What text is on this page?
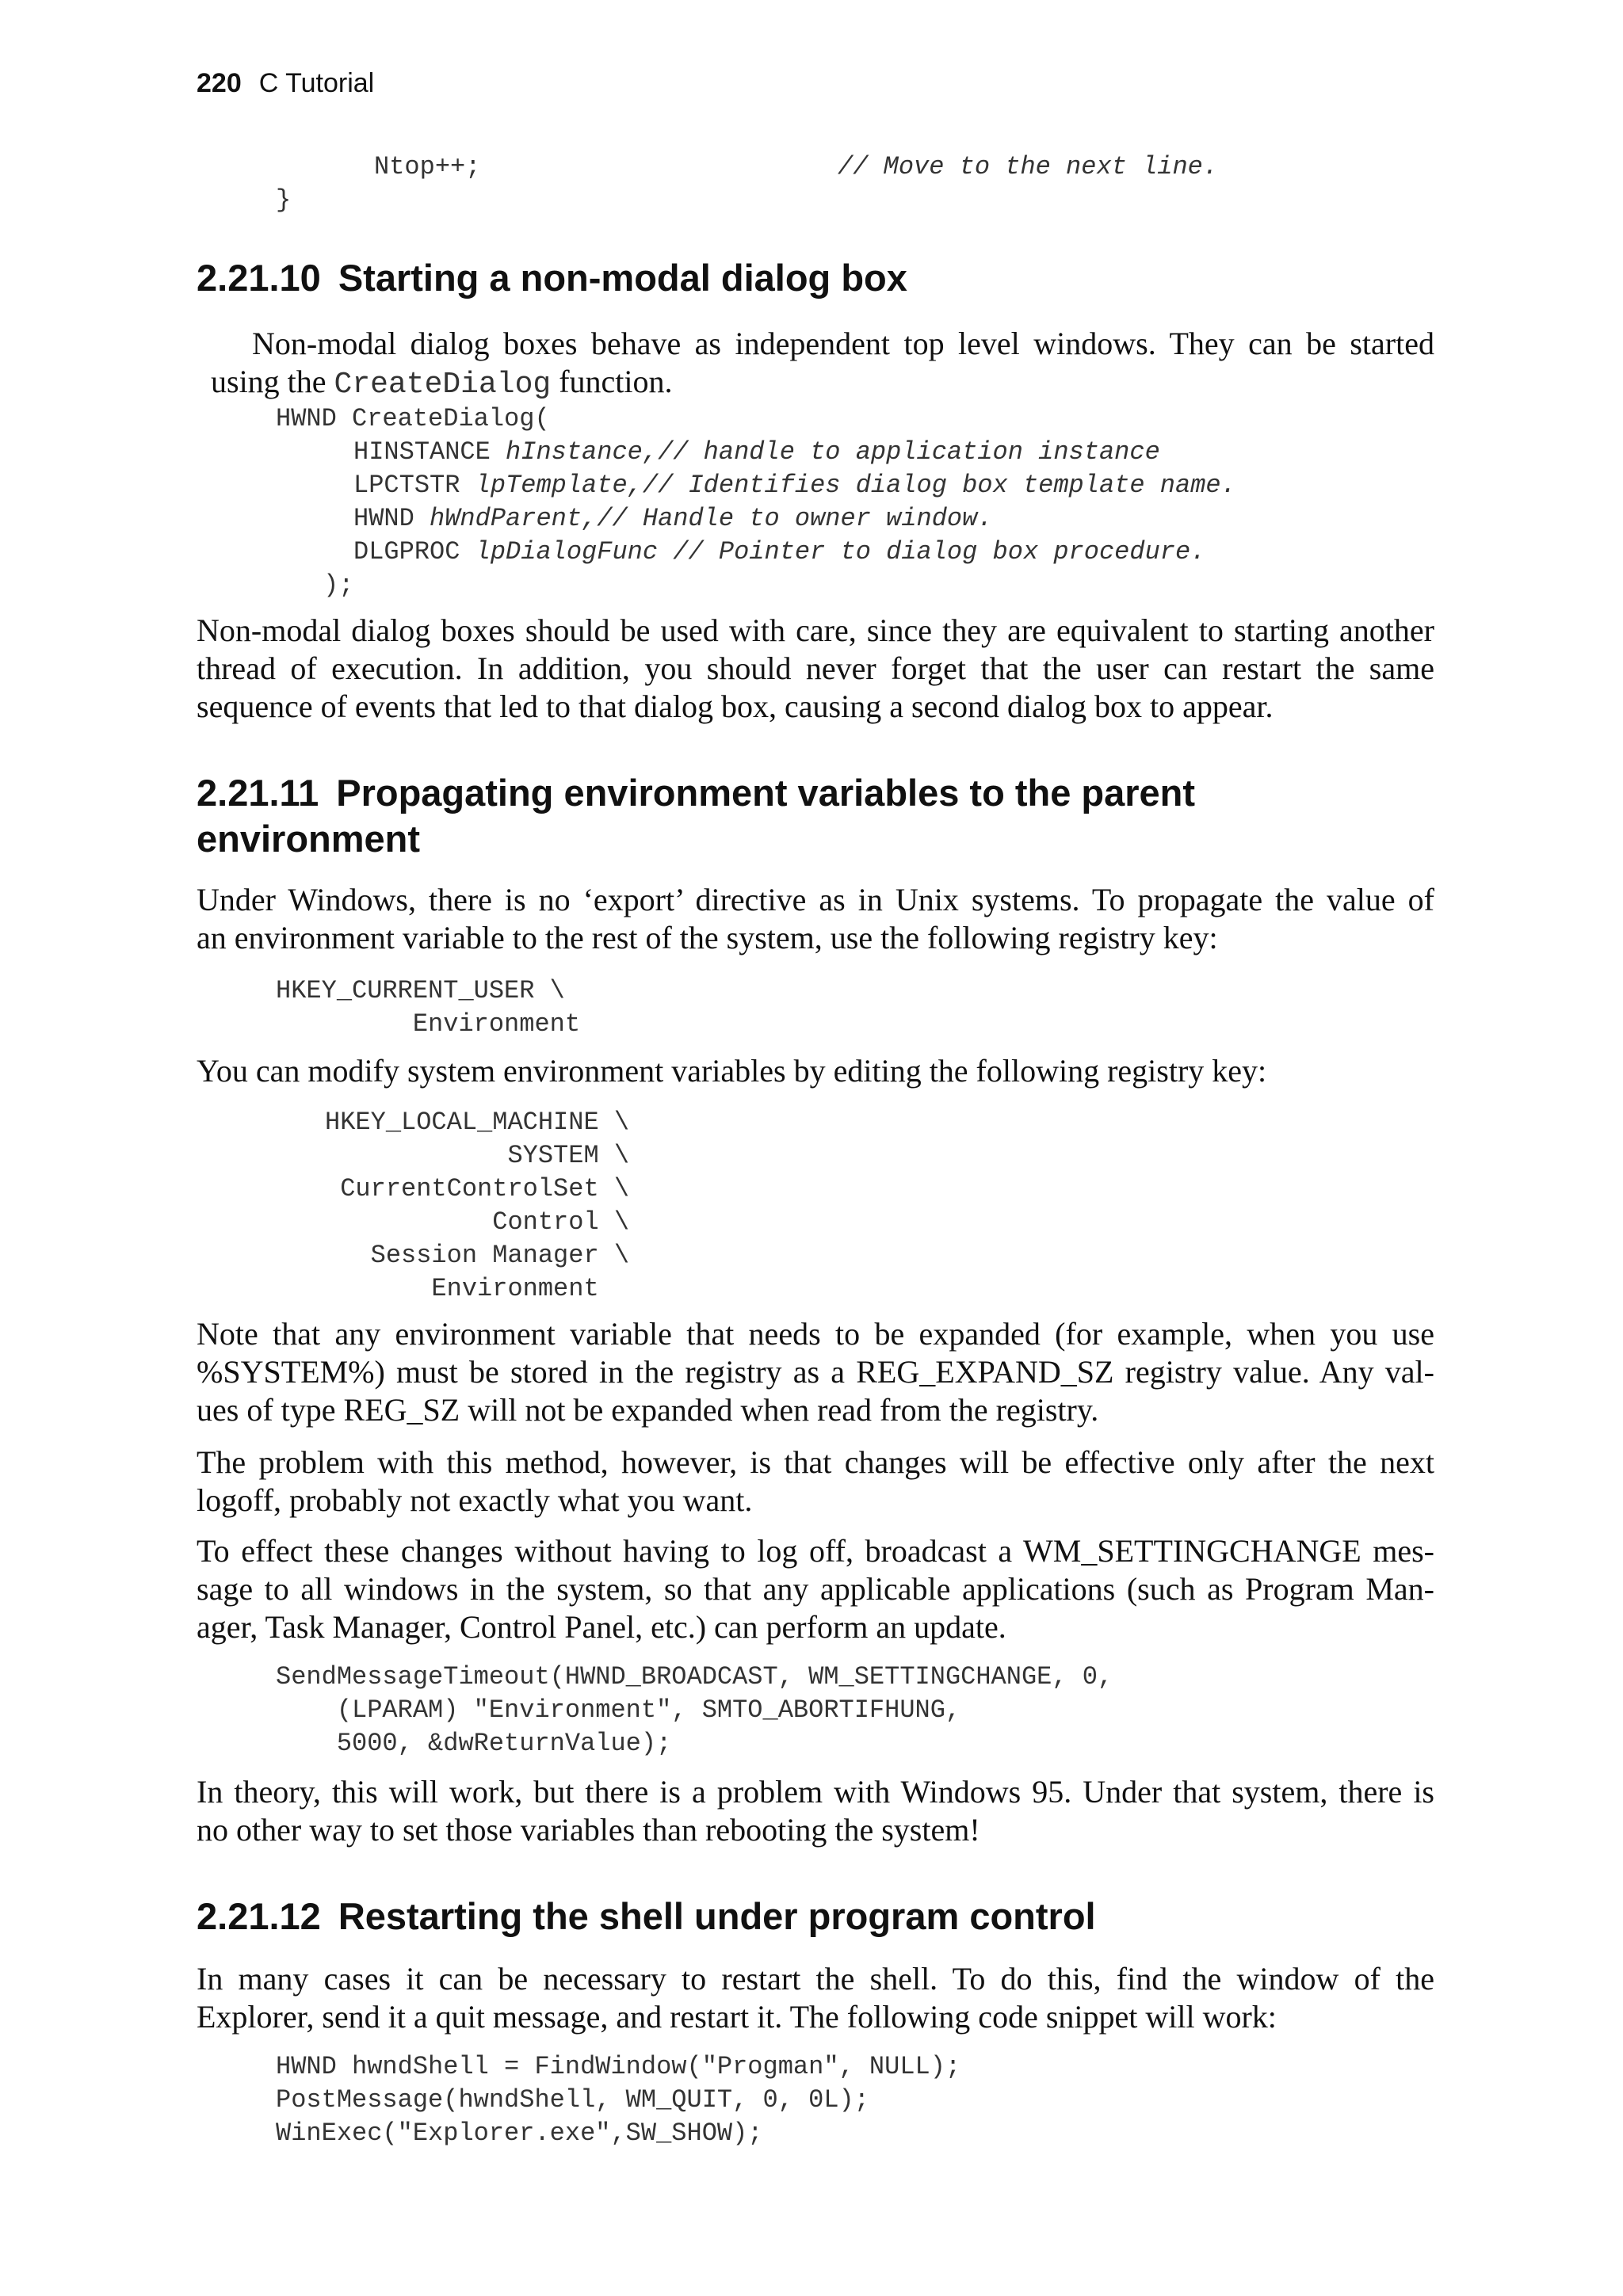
220 C Tutorial
Ntop++;	// Move to the next line.
}
2.21.10 Starting a non-modal dialog box

Non-modal dialog boxes behave as independent top level windows. They can be started

using the CreateDialog function.

HWND CreateDialog(
HINSTANCE hInstance,// handle to application instance
LPCTSTR lpTemplate,// Identifies dialog box template name.
HWND hWndParent,// Handle to owner window.
DLGPROC lpDialogFunc // Pointer to dialog box procedure.
);

Non-modal dialog boxes should be used with care, since they are equivalent to starting another
thread of execution. In addition, you should never forget that the user can restart the same
sequence of events that led to that dialog box, causing a second dialog box to appear.

2.21.11 Propagating environment variables to the parent
environment

Under Windows, there is no ‘export’ directive as in Unix systems. To propagate the value of
an environment variable to the rest of the system, use the following registry key:

HKEY_CURRENT_USER \
Environment

You can modify system environment variables by editing the following registry key:

HKEY_LOCAL_MACHINE \
SYSTEM \
CurrentControlSet \
Control \
Session Manager \
Environment

Note that any environment variable that needs to be expanded (for example, when you use
%SYSTEM%) must be stored in the registry as a REG_EXPAND_SZ registry value. Any val-
ues of type REG_SZ will not be expanded when read from the registry.

The problem with this method, however, is that changes will be effective only after the next
logoff, probably not exactly what you want.

To effect these changes without having to log off, broadcast a WM_SETTINGCHANGE mes-
sage to all windows in the system, so that any applicable applications (such as Program Man-
ager, Task Manager, Control Panel, etc.) can perform an update.

SendMessageTimeout(HWND_BROADCAST, WM_SETTINGCHANGE, 0,
(LPARAM) "Environment", SMTO_ABORTIFHUNG,
5000, &dwReturnValue);

In theory, this will work, but there is a problem with Windows 95. Under that system, there is
no other way to set those variables than rebooting the system!

2.21.12 Restarting the shell under program control

In many cases it can be necessary to restart the shell. To do this, find the window of the
Explorer, send it a quit message, and restart it. The following code snippet will work:

HWND hwndShell = FindWindow("Progman", NULL);
PostMessage(hwndShell, WM_QUIT, 0, 0L);
WinExec("Explorer.exe",SW_SHOW);
